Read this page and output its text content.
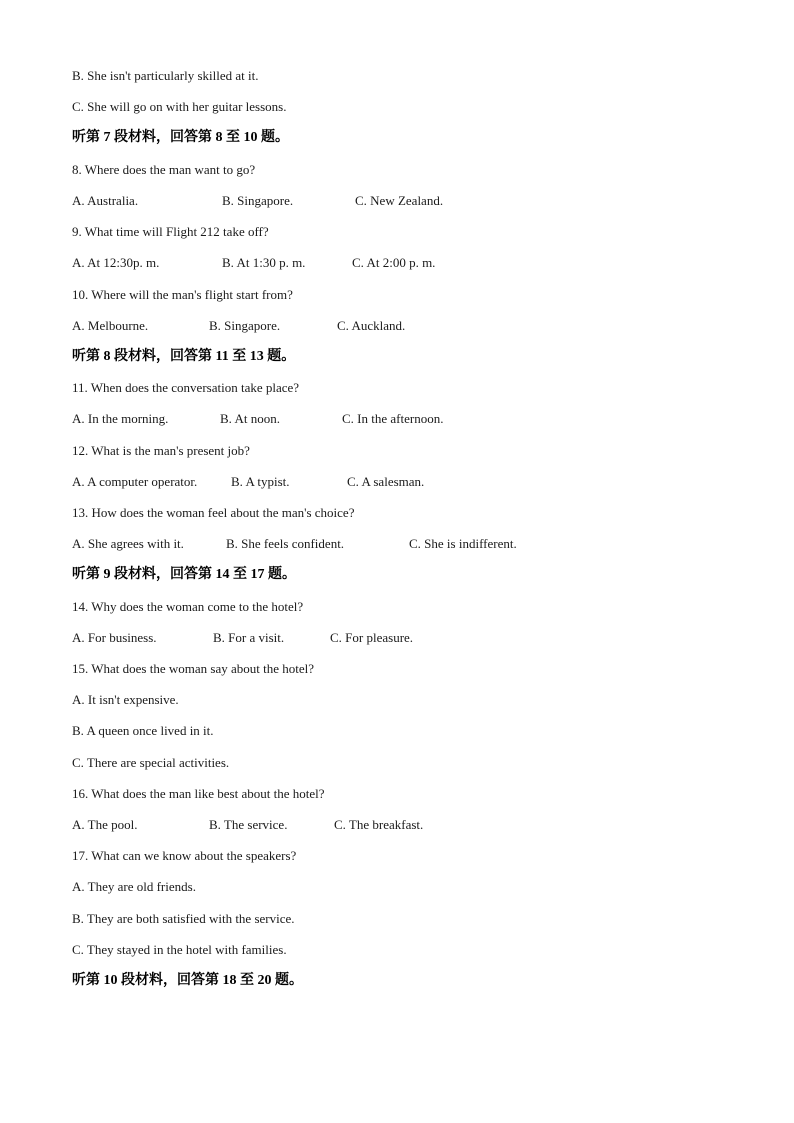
B. She isn't particularly skilled at it.
C. She will go on with her guitar lessons.
听第 7 段材料，回答第 8 至 10 题。
8. Where does the man want to go?
A. Australia.	B. Singapore.	C. New Zealand.
9. What time will Flight 212 take off?
A. At 12:30p. m.	B. At 1:30 p. m.	C. At 2:00 p. m.
10. Where will the man's flight start from?
A. Melbourne.	B. Singapore.	C. Auckland.
听第 8 段材料，回答第 11 至 13 题。
11. When does the conversation take place?
A. In the morning.	B. At noon.	C. In the afternoon.
12. What is the man's present job?
A. A computer operator.	B. A typist.	C. A salesman.
13. How does the woman feel about the man's choice?
A. She agrees with it.	B. She feels confident.	C. She is indifferent.
听第 9 段材料，回答第 14 至 17 题。
14. Why does the woman come to the hotel?
A. For business.	B. For a visit.	C. For pleasure.
15. What does the woman say about the hotel?
A. It isn't expensive.
B. A queen once lived in it.
C. There are special activities.
16. What does the man like best about the hotel?
A. The pool.	B. The service.	C. The breakfast.
17. What can we know about the speakers?
A. They are old friends.
B. They are both satisfied with the service.
C. They stayed in the hotel with families.
听第 10 段材料，回答第 18 至 20 题。
